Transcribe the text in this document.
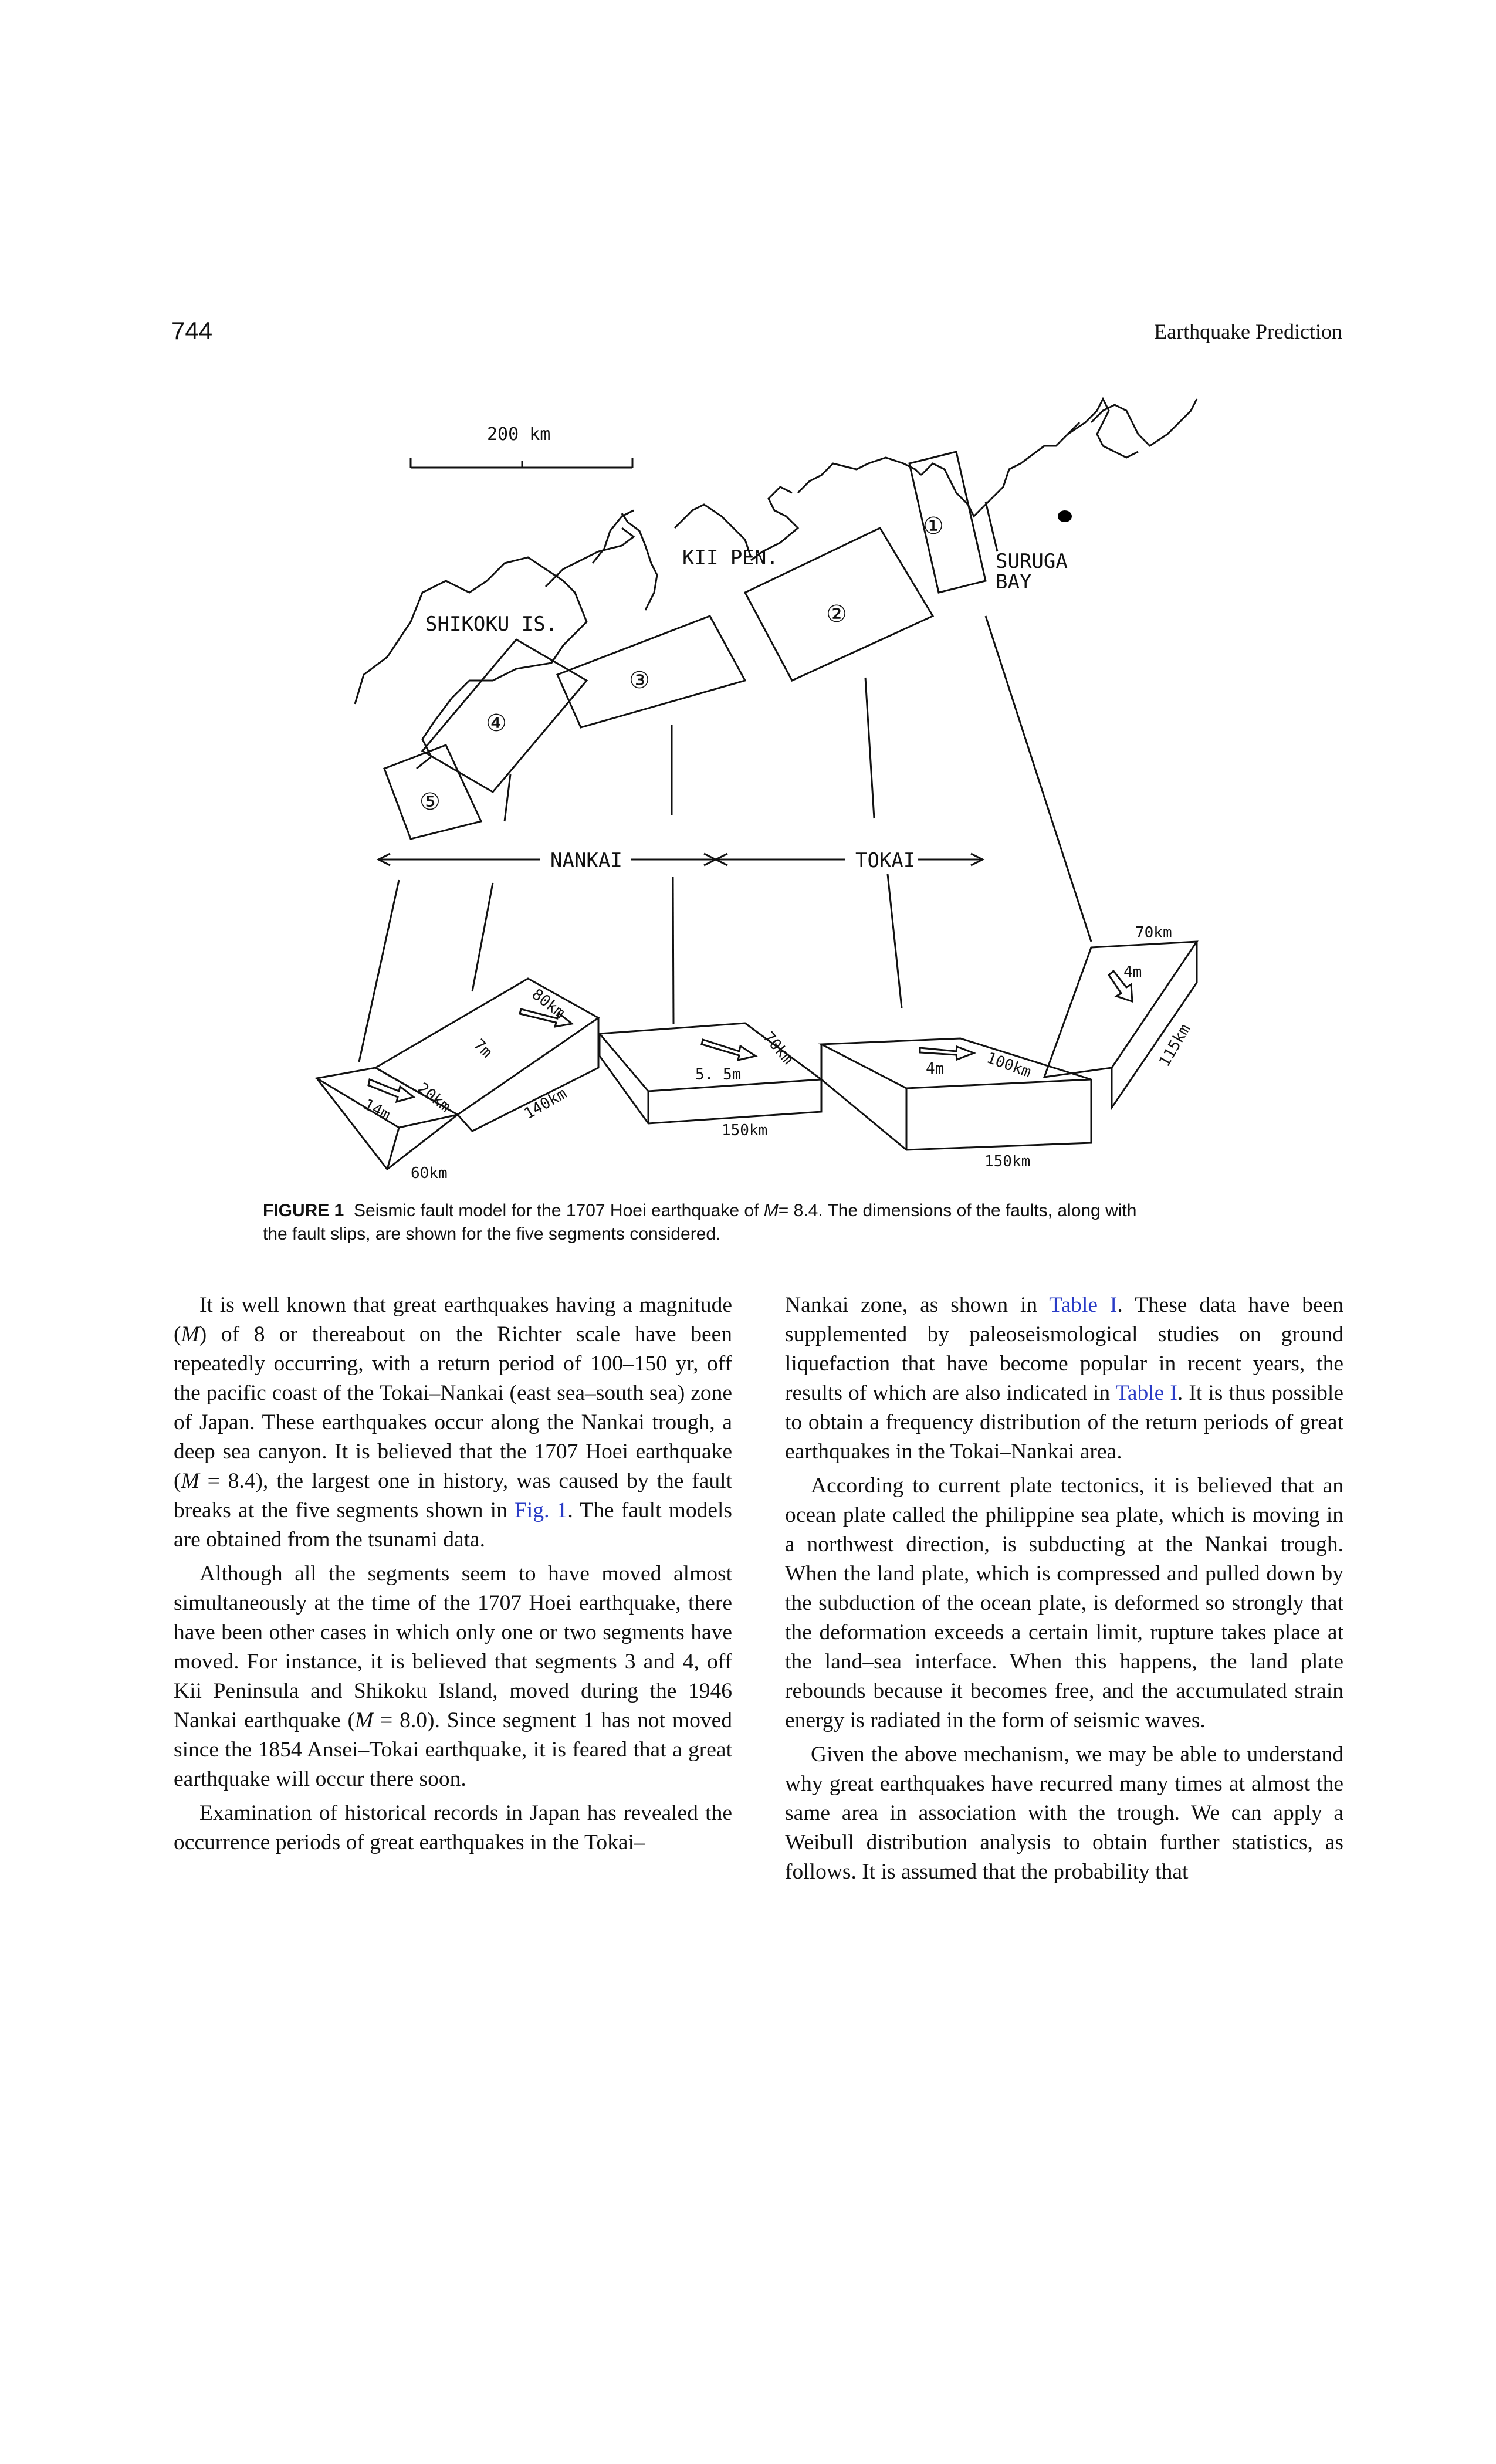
744	Earthquake Prediction
200 km
①
②
③
④
⑤
KII PEN.
SHIKOKU IS.
SURUGA
BAY
NANKAI	TOKAI
60km
14m 20km
80km
7m
140km
5. 5m
70km
150km
4m	100km
150km
70km
4m
115km
FIGURE 1 Seismic fault model for the 1707 Hoei earthquake of M= 8.4. The dimensions of the faults, along with
the fault slips, are shown for the five segments considered.

It is well known that great earthquakes having a magnitude (M) of 8 or thereabout on the Richter scale have been repeatedly occurring, with a return period of 100–150 yr, off the pacific coast of the Tokai–Nankai (east sea–south sea) zone of Japan. These earthquakes occur along the Nankai trough, a deep sea canyon. It is believed that the 1707 Hoei earthquake (M = 8.4), the largest one in history, was caused by the fault breaks at the five segments shown in Fig. 1. The fault models are obtained from the tsunami data.

Although all the segments seem to have moved almost simultaneously at the time of the 1707 Hoei earthquake, there have been other cases in which only one or two segments have moved. For instance, it is believed that segments 3 and 4, off Kii Peninsula and Shikoku Island, moved during the 1946 Nankai earthquake (M = 8.0). Since segment 1 has not moved since the 1854 Ansei–Tokai earthquake, it is feared that a great earthquake will occur there soon.

Examination of historical records in Japan has revealed the occurrence periods of great earthquakes in the Tokai–

Nankai zone, as shown in Table I. These data have been supplemented by paleoseismological studies on ground liquefaction that have become popular in recent years, the results of which are also indicated in Table I. It is thus possible to obtain a frequency distribution of the return periods of great earthquakes in the Tokai–Nankai area.

According to current plate tectonics, it is believed that an ocean plate called the philippine sea plate, which is moving in a northwest direction, is subducting at the Nankai trough. When the land plate, which is compressed and pulled down by the subduction of the ocean plate, is deformed so strongly that the deformation exceeds a certain limit, rupture takes place at the land–sea interface. When this happens, the land plate rebounds because it becomes free, and the accumulated strain energy is radiated in the form of seismic waves.

Given the above mechanism, we may be able to understand why great earthquakes have recurred many times at almost the same area in association with the trough. We can apply a Weibull distribution analysis to obtain further statistics, as follows. It is assumed that the probability that
